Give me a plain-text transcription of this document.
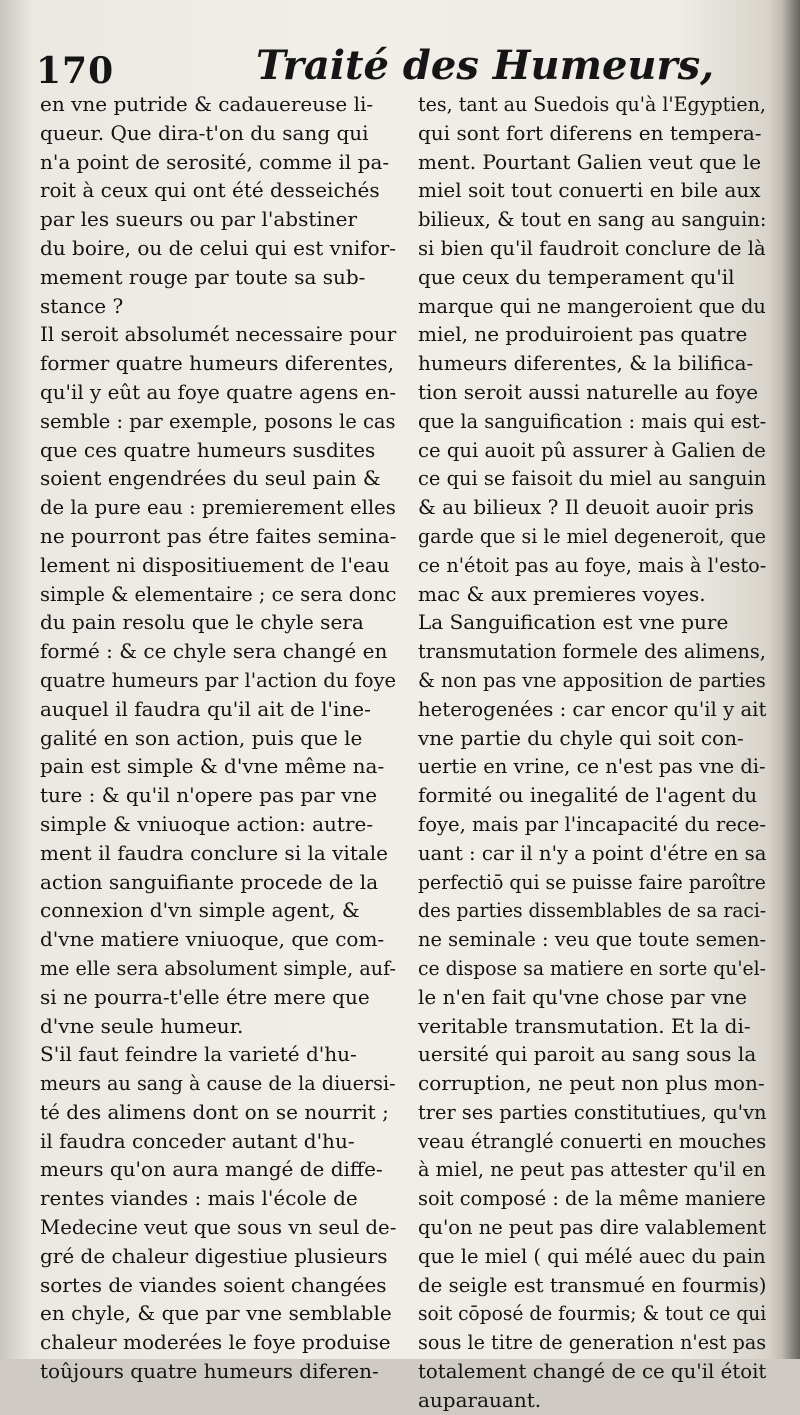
170	Traité des Humeurs,
en vne putride & cadauereuse li-
queur. Que dira-t'on du sang qui
n'a point de serosité, comme il pa-
roit à ceux qui ont été desseichés
par les sueurs ou par l'abstiner
du boire, ou de celui qui est vnifor-
mement rouge par toute sa sub-
stance ?
Il seroit absolumét necessaire pour
former quatre humeurs diferentes,
qu'il y eût au foye quatre agens en-
semble : par exemple, posons le cas
que ces quatre humeurs susdites
soient engendrées du seul pain &
de la pure eau : premierement elles
ne pourront pas étre faites semina-
lement ni dispositiuement de l'eau
simple & elementaire ; ce sera donc
du pain resolu que le chyle sera
formé : & ce chyle sera changé en
quatre humeurs par l'action du foye
auquel il faudra qu'il ait de l'ine-
galité en son action, puis que le
pain est simple & d'vne même na-
ture : & qu'il n'opere pas par vne
simple & vniuoque action: autre-
ment il faudra conclure si la vitale
action sanguifiante procede de la
connexion d'vn simple agent, &
d'vne matiere vniuoque, que com-
me elle sera absolument simple, auf-
si ne pourra-t'elle étre mere que
d'vne seule humeur.
S'il faut feindre la varieté d'hu-
meurs au sang à cause de la diuersi-
té des alimens dont on se nourrit ;
il faudra conceder autant d'hu-
meurs qu'on aura mangé de diffe-
rentes viandes : mais l'école de
Medecine veut que sous vn seul de-
gré de chaleur digestiue plusieurs
sortes de viandes soient changées
en chyle, & que par vne semblable
chaleur moderées le foye produise
toûjours quatre humeurs diferen-
tes, tant au Suedois qu'à l'Egyptien,
qui sont fort diferens en tempera-
ment. Pourtant Galien veut que le
miel soit tout conuerti en bile aux
bilieux, & tout en sang au sanguin:
si bien qu'il faudroit conclure de là
que ceux du temperament qu'il
marque qui ne mangeroient que du
miel, ne produiroient pas quatre
humeurs diferentes, & la bilifica-
tion seroit aussi naturelle au foye
que la sanguification : mais qui est-
ce qui auoit pû assurer à Galien de
ce qui se faisoit du miel au sanguin
& au bilieux ? Il deuoit auoir pris
garde que si le miel degeneroit, que
ce n'étoit pas au foye, mais à l'esto-
mac & aux premieres voyes.
La Sanguification est vne pure
transmutation formele des alimens,
& non pas vne apposition de parties
heterogenées : car encor qu'il y ait
vne partie du chyle qui soit con-
uertie en vrine, ce n'est pas vne di-
formité ou inegalité de l'agent du
foye, mais par l'incapacité du rece-
uant : car il n'y a point d'étre en sa
perfectiō qui se puisse faire paroître
des parties dissemblables de sa raci-
ne seminale : veu que toute semen-
ce dispose sa matiere en sorte qu'el-
le n'en fait qu'vne chose par vne
veritable transmutation. Et la di-
uersité qui paroit au sang sous la
corruption, ne peut non plus mon-
trer ses parties constitutiues, qu'vn
veau étranglé conuerti en mouches
à miel, ne peut pas attester qu'il en
soit composé : de la même maniere
qu'on ne peut pas dire valablement
que le miel ( qui mélé auec du pain
de seigle est transmué en fourmis)
soit cōposé de fourmis; & tout ce qui
sous le titre de generation n'est pas
totalement changé de ce qu'il étoit
auparauant.
